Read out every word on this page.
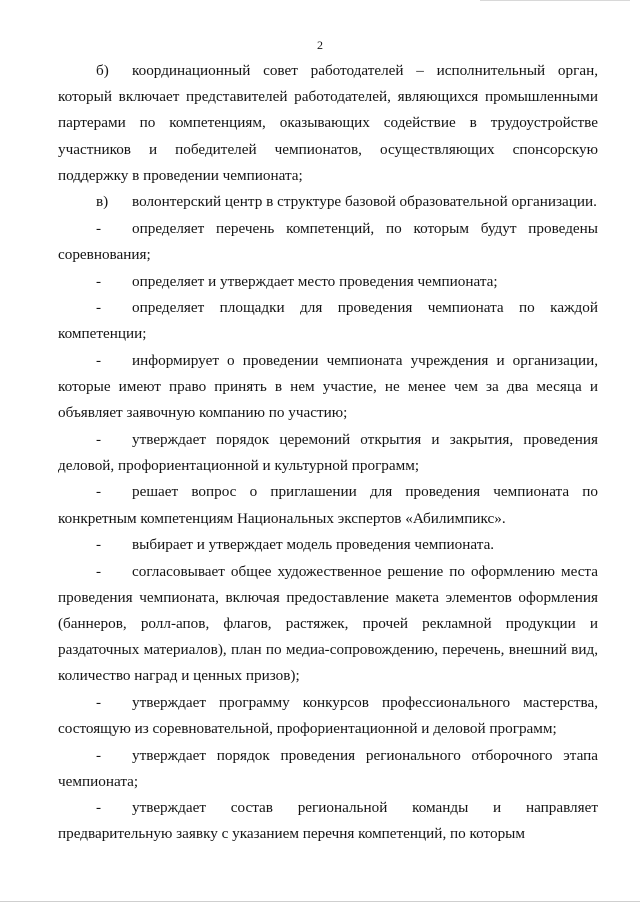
2

б) координационный совет работодателей – исполнительный орган, который включает представителей работодателей, являющихся промышленными партерами по компетенциям, оказывающих содействие в трудоустройстве участников и победителей чемпионатов, осуществляющих спонсорскую поддержку в проведении чемпионата;

в) волонтерский центр в структуре базовой образовательной организации.

- определяет перечень компетенций, по которым будут проведены соревнования;

- определяет и утверждает место проведения чемпионата;

- определяет площадки для проведения чемпионата по каждой компетенции;

- информирует о проведении чемпионата учреждения и организации, которые имеют право принять в нем участие, не менее чем за два месяца и объявляет заявочную компанию по участию;

- утверждает порядок церемоний открытия и закрытия, проведения деловой, профориентационной и культурной программ;

- решает вопрос о приглашении для проведения чемпионата по конкретным компетенциям Национальных экспертов «Абилимпикс».

- выбирает и утверждает модель проведения чемпионата.

- согласовывает общее художественное решение по оформлению места проведения чемпионата, включая предоставление макета элементов оформления (баннеров, ролл-апов, флагов, растяжек, прочей рекламной продукции и раздаточных материалов), план по медиа-сопровождению, перечень, внешний вид, количество наград и ценных призов);

- утверждает программу конкурсов профессионального мастерства, состоящую из соревновательной, профориентационной и деловой программ;

- утверждает порядок проведения регионального отборочного этапа чемпионата;

- утверждает состав региональной команды и направляет предварительную заявку с указанием перечня компетенций, по которым
